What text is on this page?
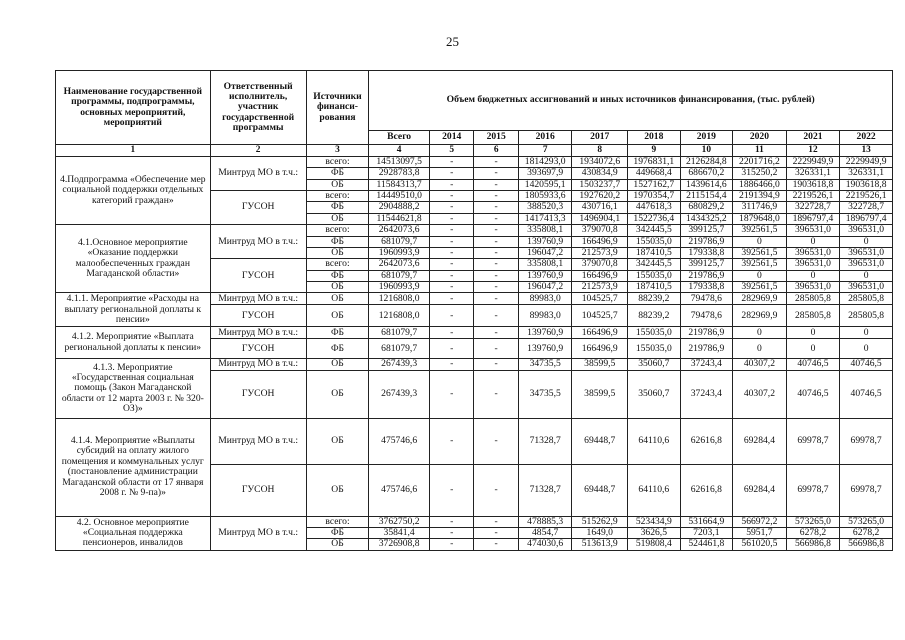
25
Наименование государственной программы, подпрограммы, основных мероприятий, мероприятий	Ответственный исполнитель, участник государственной программы	Источники финанси-рования	Объем бюджетных ассигнований и иных источников финансирования, (тыс. рублей)									
			Всего	2014	2015	2016	2017	2018	2019	2020	2021	2022
1	2	3	4	5	6	7	8	9	10	11	12	13
4.Подпрограмма «Обеспечение мер социальной поддержки отдельных категорий граждан»	Минтруд МО в т.ч.:	всего:	14513097,5	-	-	1814293,0	1934072,6	1976831,1	2126284,8	2201716,2	2229949,9	2229949,9
		ФБ	2928783,8	-	-	393697,9	430834,9	449668,4	686670,2	315250,2	326331,1	326331,1
		ОБ	11584313,7	-	-	1420595,1	1503237,7	1527162,7	1439614,6	1886466,0	1903618,8	1903618,8
	ГУСОН	всего:	14449510,0	-	-	1805933,6	1927620,2	1970354,7	2115154,4	2191394,9	2219526,1	2219526,1
		ФБ	2904888,2	-	-	388520,3	430716,1	447618,3	680829,2	311746,9	322728,7	322728,7
		ОБ	11544621,8	-	-	1417413,3	1496904,1	1522736,4	1434325,2	1879648,0	1896797,4	1896797,4
4.1.Основное мероприятие «Оказание поддержки малообеспеченных граждан Магаданской области»	Минтруд МО в т.ч.:	всего:	2642073,6	-	-	335808,1	379070,8	342445,5	399125,7	392561,5	396531,0	396531,0
		ФБ	681079,7	-	-	139760,9	166496,9	155035,0	219786,9	0	0	0
		ОБ	1960993,9	-	-	196047,2	212573,9	187410,5	179338,8	392561,5	396531,0	396531,0
	ГУСОН	всего:	2642073,6	-	-	335808,1	379070,8	342445,5	399125,7	392561,5	396531,0	396531,0
		ФБ	681079,7	-	-	139760,9	166496,9	155035,0	219786,9	0	0	0
		ОБ	1960993,9	-	-	196047,2	212573,9	187410,5	179338,8	392561,5	396531,0	396531,0
4.1.1. Мероприятие «Расходы на выплату региональной доплаты к пенсии»	Минтруд МО в т.ч.:	ОБ	1216808,0	-	-	89983,0	104525,7	88239,2	79478,6	282969,9	285805,8	285805,8
	ГУСОН	ОБ	1216808,0	-	-	89983,0	104525,7	88239,2	79478,6	282969,9	285805,8	285805,8
4.1.2. Мероприятие «Выплата региональной доплаты к пенсии»	Минтруд МО в т.ч.:	ФБ	681079,7	-	-	139760,9	166496,9	155035,0	219786,9	0	0	0
	ГУСОН	ФБ	681079,7	-	-	139760,9	166496,9	155035,0	219786,9	0	0	0
4.1.3. Мероприятие «Государственная социальная помощь (Закон Магаданской области от 12 марта 2003 г. № 320-ОЗ)»	Минтруд МО в т.ч.:	ОБ	267439,3	-	-	34735,5	38599,5	35060,7	37243,4	40307,2	40746,5	40746,5
	ГУСОН	ОБ	267439,3	-	-	34735,5	38599,5	35060,7	37243,4	40307,2	40746,5	40746,5
4.1.4. Мероприятие «Выплаты субсидий на оплату жилого помещения и коммунальных услуг (постановление администрации Магаданской области от 17 января 2008 г. № 9-па)»	Минтруд МО в т.ч.:	ОБ	475746,6	-	-	71328,7	69448,7	64110,6	62616,8	69284,4	69978,7	69978,7
	ГУСОН	ОБ	475746,6	-	-	71328,7	69448,7	64110,6	62616,8	69284,4	69978,7	69978,7
4.2. Основное мероприятие «Социальная поддержка пенсионеров, инвалидов	Минтруд МО в т.ч.:	всего:	3762750,2	-	-	478885,3	515262,9	523434,9	531664,9	566972,2	573265,0	573265,0
		ФБ	35841,4	-	-	4854,7	1649,0	3626,5	7203,1	5951,7	6278,2	6278,2
		ОБ	3726908,8	-	-	474030,6	513613,9	519808,4	524461,8	561020,5	566986,8	566986,8
